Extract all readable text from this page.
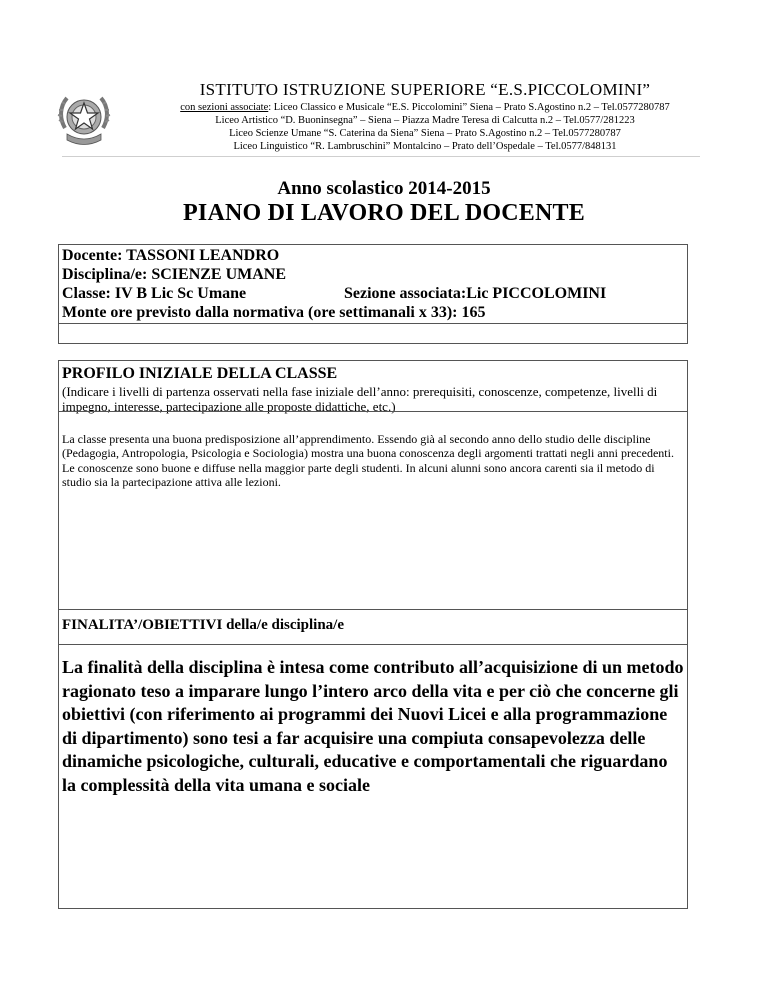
ISTITUTO ISTRUZIONE SUPERIORE “E.S.PICCOLOMINI”
con sezioni associate: Liceo Classico e Musicale “E.S. Piccolomini” Siena – Prato S.Agostino n.2 – Tel.0577280787
Liceo Artistico “D. Buoninsegna” – Siena – Piazza Madre Teresa di Calcutta n.2 – Tel.0577/281223
Liceo Scienze Umane “S. Caterina da Siena” Siena – Prato S.Agostino n.2 – Tel.0577280787
Liceo Linguistico “R. Lambruschini” Montalcino – Prato dell’Ospedale – Tel.0577/848131
Anno scolastico 2014-2015
PIANO DI LAVORO DEL DOCENTE
Docente: TASSONI LEANDRO
Disciplina/e: SCIENZE UMANE
Classe: IV B Lic Sc Umane	Sezione associata:Lic PICCOLOMINI
Monte ore previsto dalla normativa (ore settimanali x 33): 165
PROFILO INIZIALE DELLA CLASSE
(Indicare i livelli di partenza osservati nella fase iniziale dell’anno: prerequisiti, conoscenze, competenze, livelli di impegno, interesse, partecipazione alle proposte didattiche, etc.)
La classe presenta una buona predisposizione all’apprendimento. Essendo già al secondo anno dello studio delle discipline (Pedagogia, Antropologia, Psicologia e Sociologia) mostra una buona conoscenza degli argomenti trattati negli anni precedenti. Le conoscenze sono buone e diffuse nella maggior parte degli studenti. In alcuni alunni sono ancora carenti sia il metodo di studio sia la partecipazione attiva alle lezioni.
FINALITA’/OBIETTIVI della/e disciplina/e
La finalità della disciplina è intesa come contributo all’acquisizione di un metodo ragionato teso a imparare lungo l’intero arco della vita e per ciò che concerne gli obiettivi (con riferimento ai programmi dei Nuovi Licei e alla programmazione di dipartimento) sono tesi a far acquisire una compiuta consapevolezza delle dinamiche psicologiche, culturali, educative e comportamentali che riguardano la complessità della vita umana e sociale
